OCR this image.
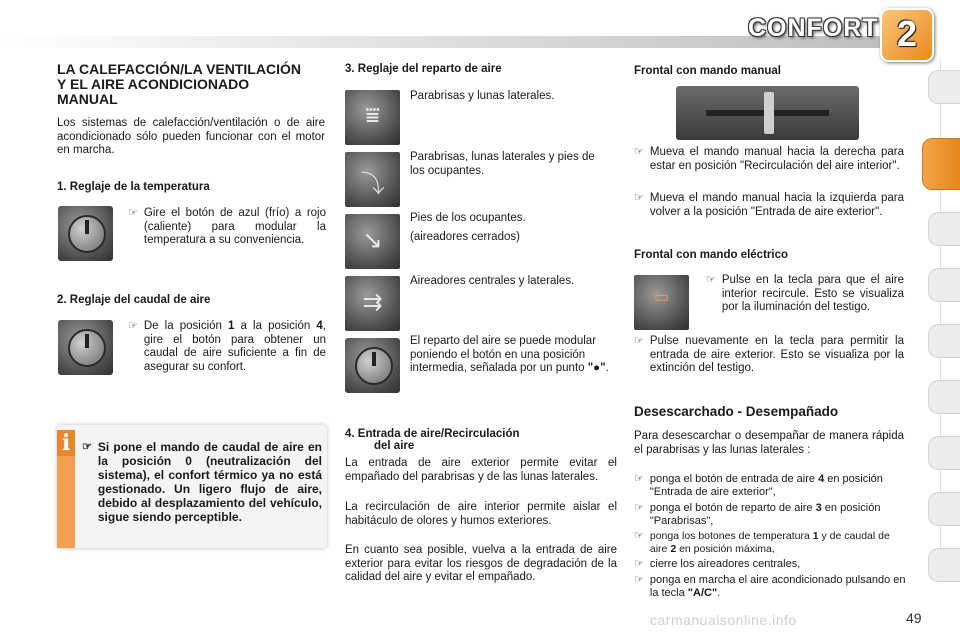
CONFORT 2
LA CALEFACCIÓN/LA VENTILACIÓN Y EL AIRE ACONDICIONADO MANUAL
Los sistemas de calefacción/ventilación o de aire acondicionado sólo pueden funcionar con el motor en marcha.
1. Reglaje de la temperatura
☞ Gire el botón de azul (frío) a rojo (caliente) para modular la temperatura a su conveniencia.
2. Reglaje del caudal de aire
☞ De la posición 1 a la posición 4, gire el botón para obtener un caudal de aire suficiente a fin de asegurar su confort.
i	☞ Si pone el mando de caudal de aire en la posición 0 (neutralización del sistema), el confort térmico ya no está gestionado. Un ligero flujo de aire, debido al desplazamiento del vehículo, sigue siendo perceptible.
3. Reglaje del reparto de aire
⩸
Parabrisas y lunas laterales.
⤵
Parabrisas, lunas laterales y pies de los ocupantes.
↘
Pies de los ocupantes.
(aireadores cerrados)
⇉
Aireadores centrales y laterales.
El reparto del aire se puede modular poniendo el botón en una posición intermedia, señalada por un punto "●".
4. Entrada de aire/Recirculación
del aire
La entrada de aire exterior permite evitar el empañado del parabrisas y de las lunas laterales.
La recirculación de aire interior permite aislar el habitáculo de olores y humos exteriores.
En cuanto sea posible, vuelva a la entrada de aire exterior para evitar los riesgos de degradación de la calidad del aire y evitar el empañado.
Frontal con mando manual
☞ Mueva el mando manual hacia la derecha para estar en posición "Recirculación del aire interior".
☞ Mueva el mando manual hacia la izquierda para volver a la posición "Entrada de aire exterior".
Frontal con mando eléctrico
▭
☞ Pulse en la tecla para que el aire interior recircule. Esto se visualiza por la iluminación del testigo.
☞ Pulse nuevamente en la tecla para permitir la entrada de aire exterior. Esto se visualiza por la extinción del testigo.
Desescarchado - Desempañado
Para desescarchar o desempañar de manera rápida el parabrisas y las lunas laterales :
☞ ponga el botón de entrada de aire 4 en posición "Entrada de aire exterior",
☞ ponga el botón de reparto de aire 3 en posición "Parabrisas",
☞ ponga los botones de temperatura 1 y de caudal de aire 2 en posición máxima,
☞ cierre los aireadores centrales,
☞ ponga en marcha el aire acondicionado pulsando en la tecla "A/C".
carmanualsonline.info	49
